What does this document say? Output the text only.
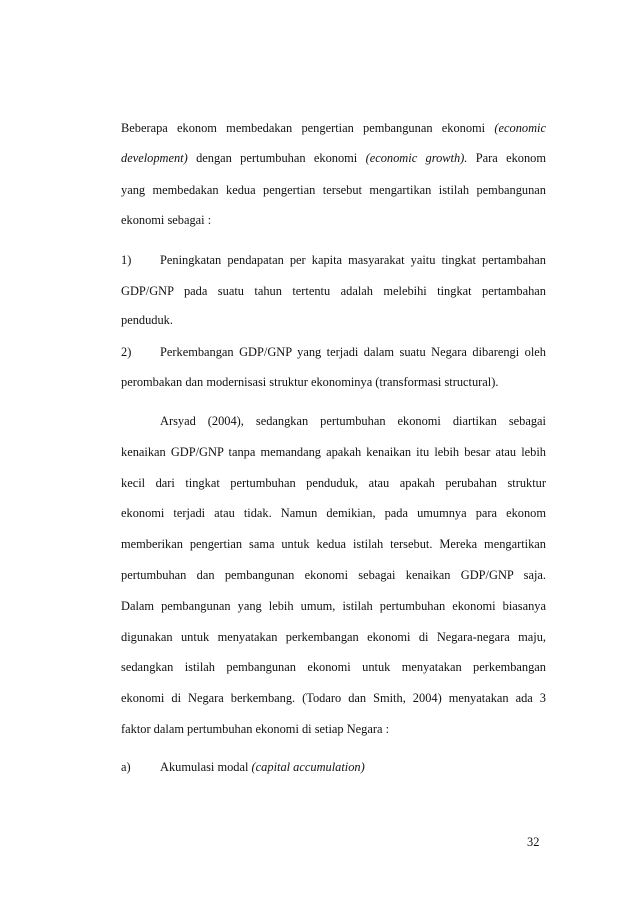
Beberapa ekonom membedakan pengertian pembangunan ekonomi (economic
development) dengan pertumbuhan ekonomi (economic growth). Para ekonom
yang membedakan kedua pengertian tersebut mengartikan istilah pembangunan
ekonomi sebagai :
1) Peningkatan pendapatan per kapita masyarakat yaitu tingkat pertambahan
GDP/GNP pada suatu tahun tertentu adalah melebihi tingkat pertambahan
penduduk.
2) Perkembangan GDP/GNP yang terjadi dalam suatu Negara dibarengi oleh
perombakan dan modernisasi struktur ekonominya (transformasi structural).
Arsyad (2004), sedangkan pertumbuhan ekonomi diartikan sebagai
kenaikan GDP/GNP tanpa memandang apakah kenaikan itu lebih besar atau lebih
kecil dari tingkat pertumbuhan penduduk, atau apakah perubahan struktur
ekonomi terjadi atau tidak. Namun demikian, pada umumnya para ekonom
memberikan pengertian sama untuk kedua istilah tersebut. Mereka mengartikan
pertumbuhan dan pembangunan ekonomi sebagai kenaikan GDP/GNP saja.
Dalam pembangunan yang lebih umum, istilah pertumbuhan ekonomi biasanya
digunakan untuk menyatakan perkembangan ekonomi di Negara-negara maju,
sedangkan istilah pembangunan ekonomi untuk menyatakan perkembangan
ekonomi di Negara berkembang. (Todaro dan Smith, 2004) menyatakan ada 3
faktor dalam pertumbuhan ekonomi di setiap Negara :
a) Akumulasi modal (capital accumulation)
32
